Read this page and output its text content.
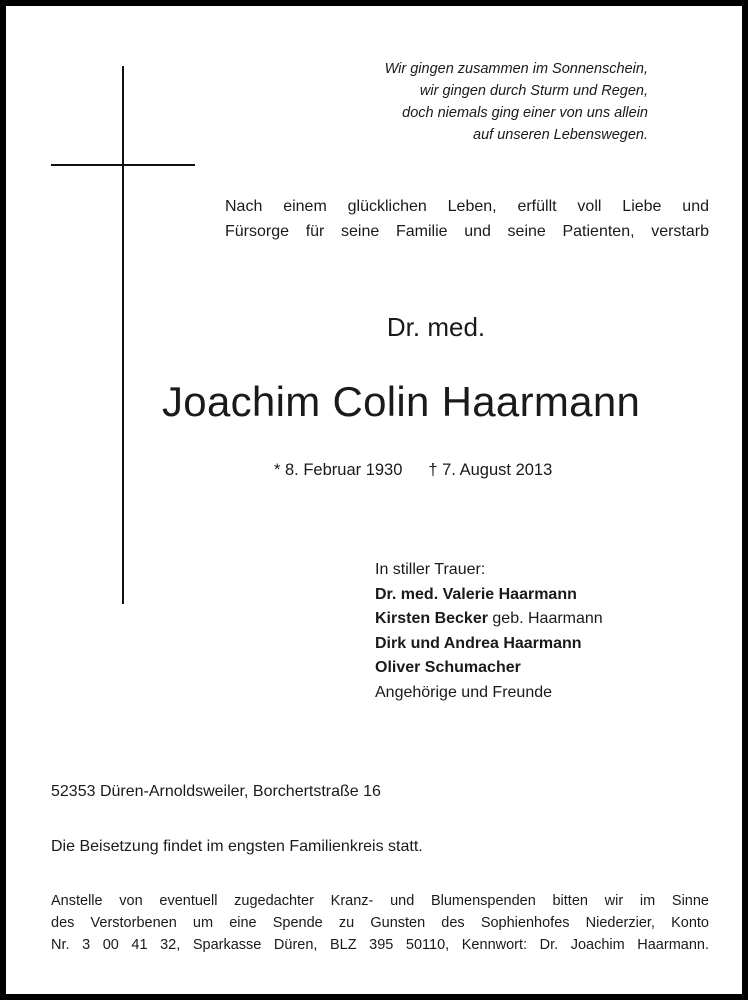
Wir gingen zusammen im Sonnenschein,
wir gingen durch Sturm und Regen,
doch niemals ging einer von uns allein
auf unseren Lebenswegen.
Nach einem glücklichen Leben, erfüllt voll Liebe und
Fürsorge für seine Familie und seine Patienten, verstarb
Dr. med.
Joachim Colin Haarmann
* 8. Februar 1930 † 7. August 2013
In stiller Trauer:
Dr. med. Valerie Haarmann
Kirsten Becker geb. Haarmann
Dirk und Andrea Haarmann
Oliver Schumacher
Angehörige und Freunde
52353 Düren-Arnoldsweiler, Borchertstraße 16
Die Beisetzung findet im engsten Familienkreis statt.
Anstelle von eventuell zugedachter Kranz- und Blumenspenden bitten wir im Sinne
des Verstorbenen um eine Spende zu Gunsten des Sophienhofes Niederzier, Konto
Nr. 3 00 41 32, Sparkasse Düren, BLZ 395 50110, Kennwort: Dr. Joachim Haarmann.
